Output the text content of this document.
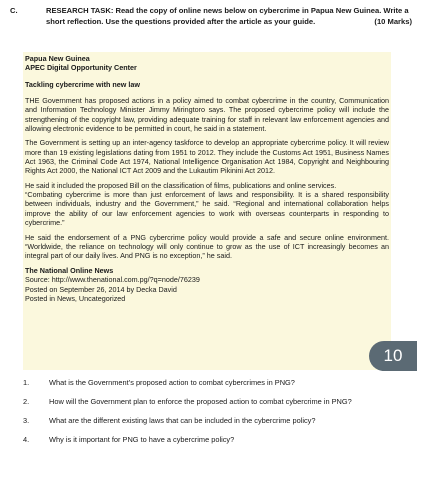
C.	RESEARCH TASK: Read the copy of online news below on cybercrime in Papua New Guinea. Write a short reflection. Use the questions provided after the article as your guide.	(10 Marks)

Papua New Guinea
APEC Digital Opportunity Center

Tackling cybercrime with new law

THE Government has proposed actions in a policy aimed to combat cybercrime in the country, Communication and Information Technology Minister Jimmy Miringtoro says. The proposed cybercrime policy will include the strengthening of the copyright law, providing adequate training for staff in relevant law enforcement agencies and allowing electronic evidence to be permitted in court, he said in a statement.

The Government is setting up an inter-agency taskforce to develop an appropriate cybercrime policy. It will review more than 19 existing legislations dating from 1951 to 2012. They include the Customs Act 1951, Business Names Act 1963, the Criminal Code Act 1974, National Intelligence Organisation Act 1984, Copyright and Neighbouring Rights Act 2000, the National ICT Act 2009 and the Lukautim Pikinini Act 2012.

He said it included the proposed Bill on the classification of films, publications and online services.

“Combating cybercrime is more than just enforcement of laws and responsibility. It is a shared responsibility between individuals, industry and the Government,” he said. “Regional and international collaboration helps improve the ability of our law enforcement agencies to work with overseas counterparts in responding to cybercrime.”

He said the endorsement of a PNG cybercrime policy would provide a safe and secure online environment. “Worldwide, the reliance on technology will only continue to grow as the use of ICT increasingly becomes an integral part of our daily lives. And PNG is no exception,” he said.

The National Online News
Source: http://www.thenational.com.pg/?q=node/76239
Posted on September 26, 2014 by Decka David
Posted in News, Uncategorized
10
1.	What is the Government’s proposed action to combat cybercrimes in PNG?
2.	How will the Government plan to enforce the proposed action to combat cybercrime in PNG?
3.	What are the different existing laws that can be included in the cybercrime policy?
4.	Why is it important for PNG to have a cybercrime policy?
